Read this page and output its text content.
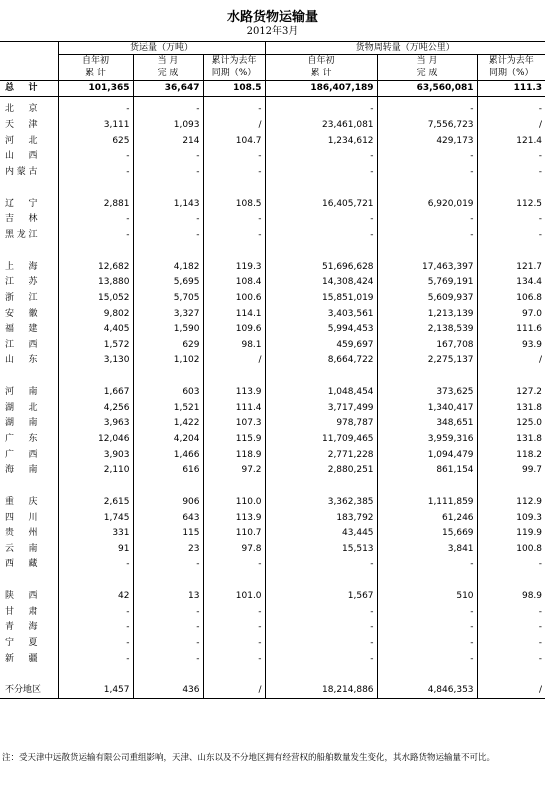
水路货物运输量
2012年3月
	货运量（万吨）			货物周转量（万吨公里）		
	自年初	当 月	累计为去年	自年初	当 月	累计为去年
	累 计	完 成	同期（%）	累 计	完 成	同期（%）
总 计	101,365	36,647	108.5	186,407,189	63,560,081	111.3

北京	-	-	-	-	-	-
天津	3,111	1,093	/	23,461,081	7,556,723	/
河北	625	214	104.7	1,234,612	429,173	121.4
山西	-	-	-	-	-	-
内蒙古	-	-	-	-	-	-

辽宁	2,881	1,143	108.5	16,405,721	6,920,019	112.5
吉林	-	-	-	-	-	-
黑龙江	-	-	-	-	-	-

上海	12,682	4,182	119.3	51,696,628	17,463,397	121.7
江苏	13,880	5,695	108.4	14,308,424	5,769,191	134.4
浙江	15,052	5,705	100.6	15,851,019	5,609,937	106.8
安徽	9,802	3,327	114.1	3,403,561	1,213,139	97.0
福建	4,405	1,590	109.6	5,994,453	2,138,539	111.6
江西	1,572	629	98.1	459,697	167,708	93.9
山东	3,130	1,102	/	8,664,722	2,275,137	/

河南	1,667	603	113.9	1,048,454	373,625	127.2
湖北	4,256	1,521	111.4	3,717,499	1,340,417	131.8
湖南	3,963	1,422	107.3	978,787	348,651	125.0
广东	12,046	4,204	115.9	11,709,465	3,959,316	131.8
广西	3,903	1,466	118.9	2,771,228	1,094,479	118.2
海南	2,110	616	97.2	2,880,251	861,154	99.7

重庆	2,615	906	110.0	3,362,385	1,111,859	112.9
四川	1,745	643	113.9	183,792	61,246	109.3
贵州	331	115	110.7	43,445	15,669	119.9
云南	91	23	97.8	15,513	3,841	100.8
西藏	-	-	-	-	-	-

陕西	42	13	101.0	1,567	510	98.9
甘肃	-	-	-	-	-	-
青海	-	-	-	-	-	-
宁夏	-	-	-	-	-	-
新疆	-	-	-	-	-	-

不分地区	1,457	436	/	18,214,886	4,846,353	/
注：受天津中远散货运输有限公司重组影响，天津、山东以及不分地区拥有经营权的船舶数量发生变化，其水路货物运输量不可比。
